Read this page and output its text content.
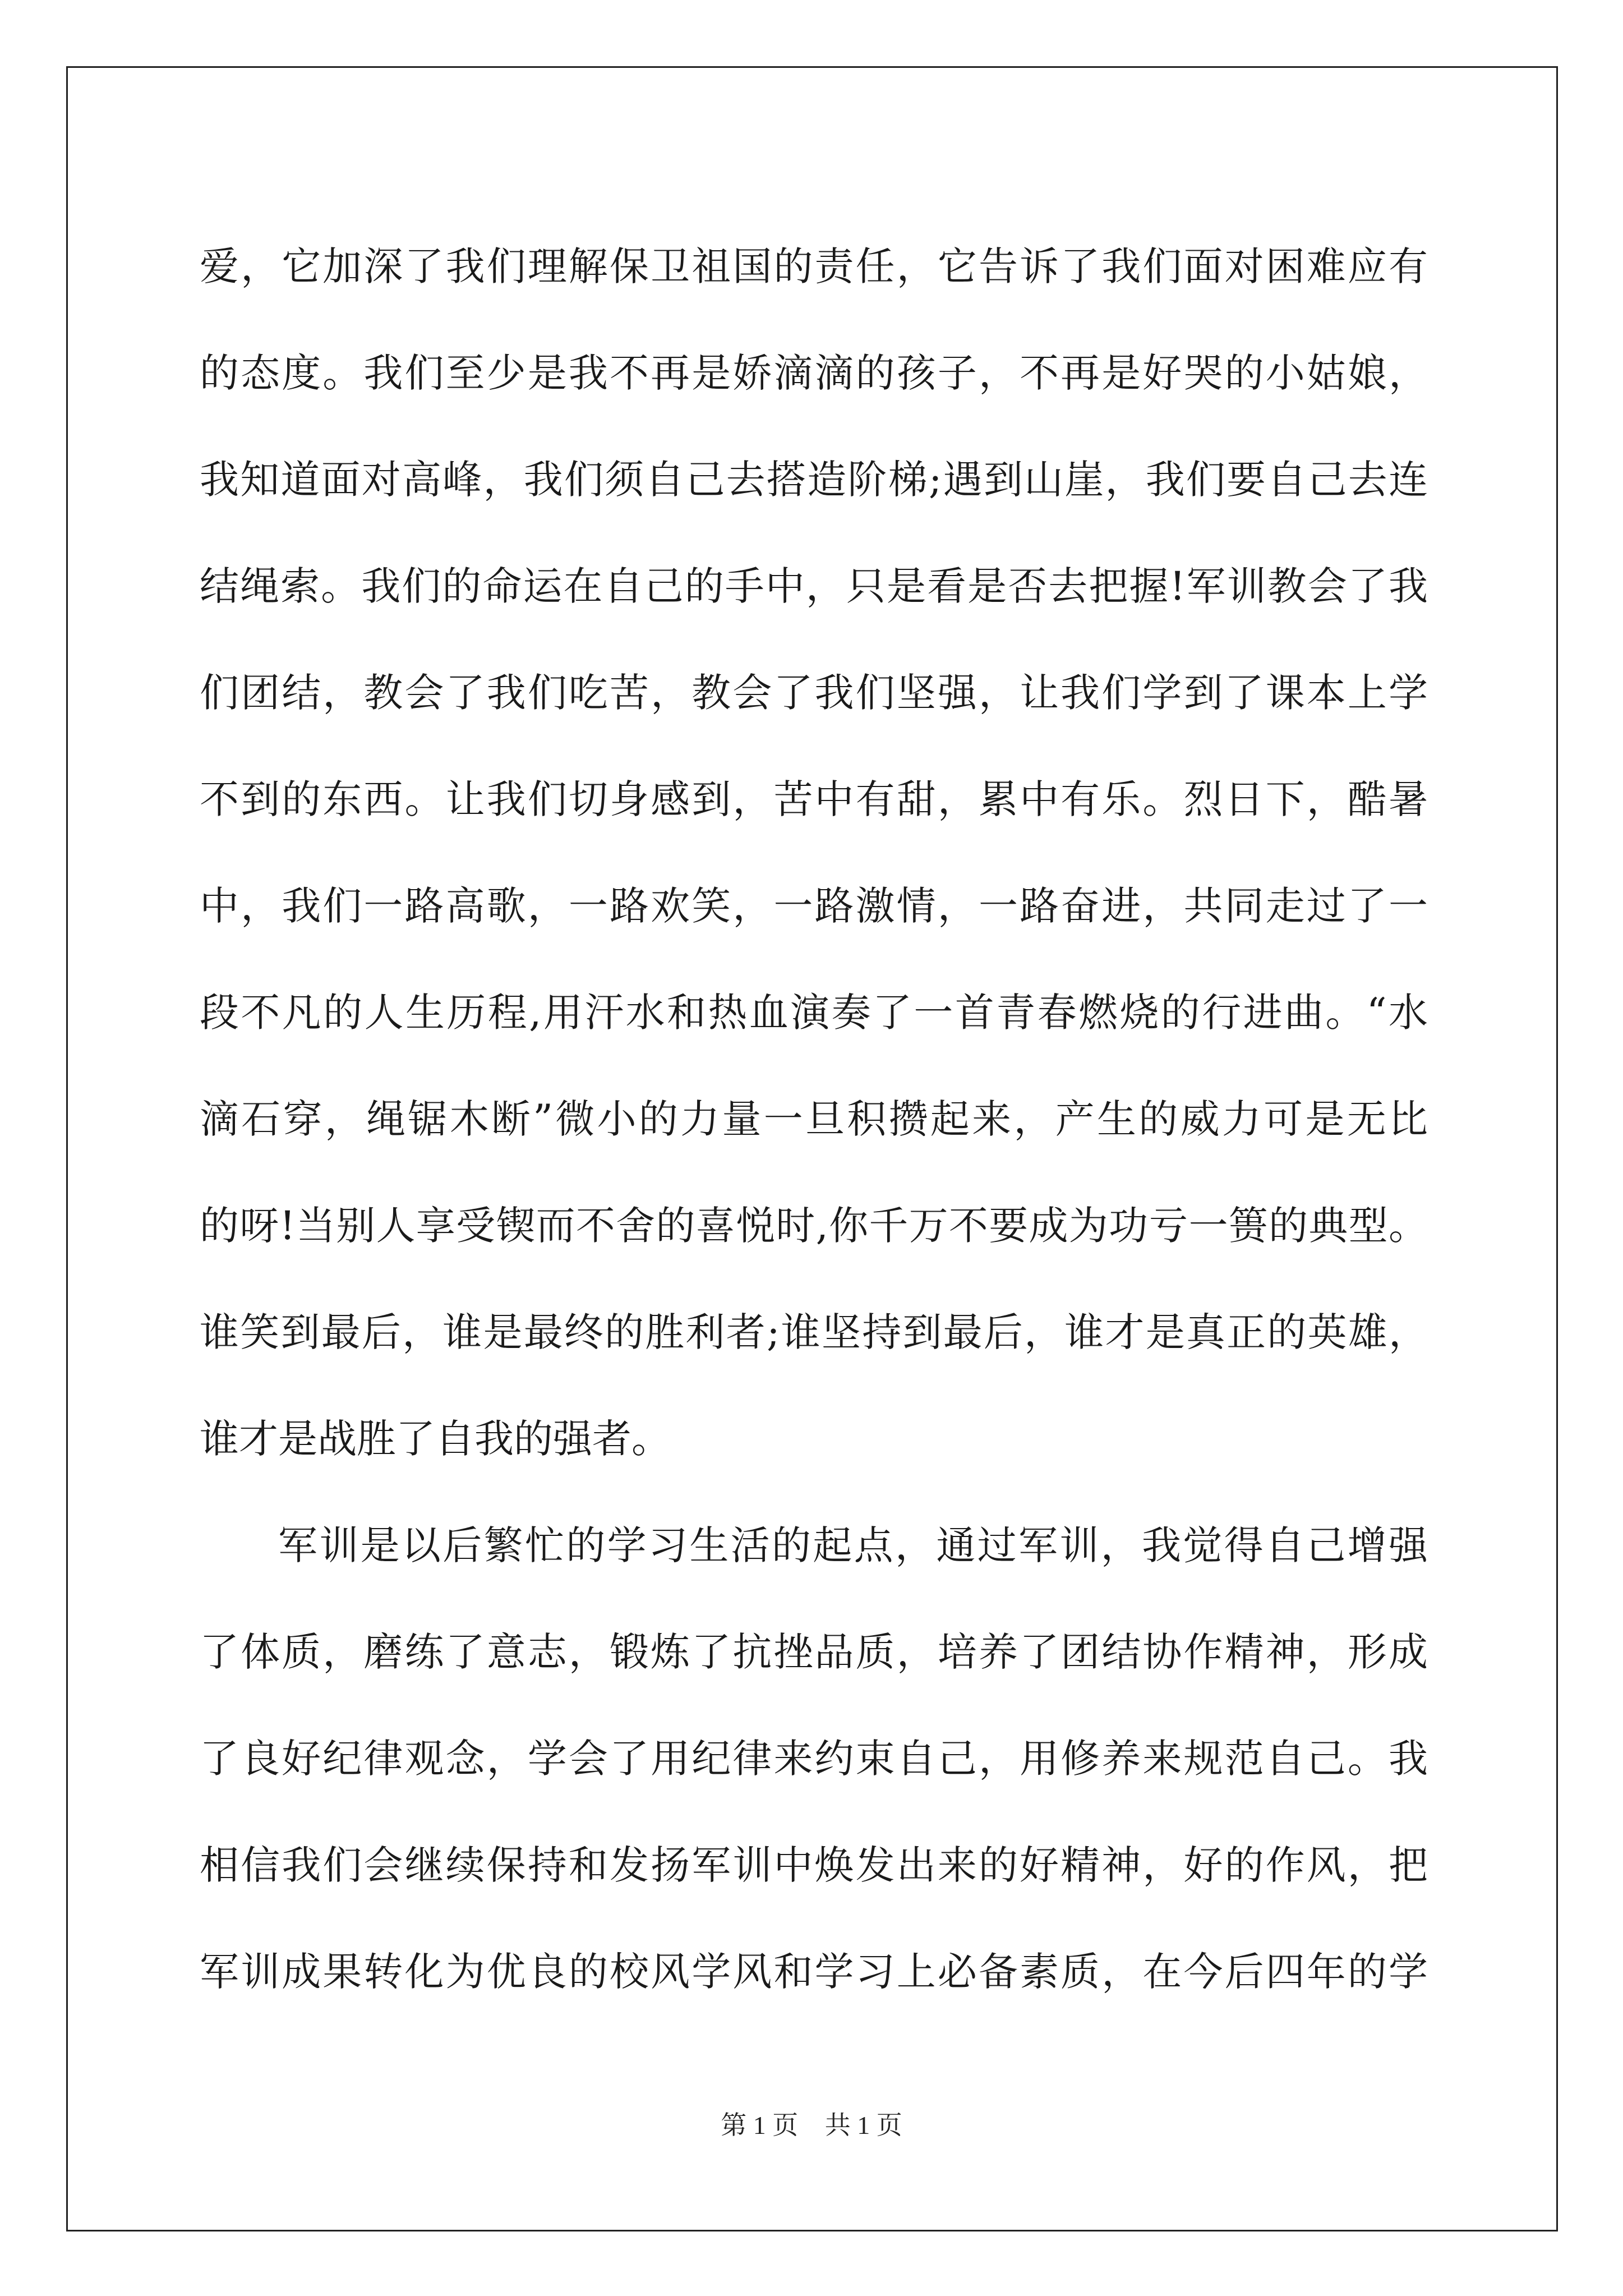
爱，它加深了我们理解保卫祖国的责任，它告诉了我们面对困难应有
的态度。我们至少是我不再是娇滴滴的孩子，不再是好哭的小姑娘，
我知道面对高峰，我们须自己去搭造阶梯;遇到山崖，我们要自己去连
结绳索。我们的命运在自己的手中，只是看是否去把握!军训教会了我
们团结，教会了我们吃苦，教会了我们坚强，让我们学到了课本上学
不到的东西。让我们切身感到，苦中有甜，累中有乐。烈日下，酷暑
中，我们一路高歌，一路欢笑，一路激情，一路奋进，共同走过了一
段不凡的人生历程,用汗水和热血演奏了一首青春燃烧的行进曲。“水
滴石穿，绳锯木断”微小的力量一旦积攒起来，产生的威力可是无比
的呀!当别人享受锲而不舍的喜悦时,你千万不要成为功亏一篑的典型。
谁笑到最后，谁是最终的胜利者;谁坚持到最后，谁才是真正的英雄，
谁才是战胜了自我的强者。
军训是以后繁忙的学习生活的起点，通过军训，我觉得自己增强
了体质，磨练了意志，锻炼了抗挫品质，培养了团结协作精神，形成
了良好纪律观念，学会了用纪律来约束自己，用修养来规范自己。我
相信我们会继续保持和发扬军训中焕发出来的好精神，好的作风，把
军训成果转化为优良的校风学风和学习上必备素质，在今后四年的学
第 1 页 共 1 页
